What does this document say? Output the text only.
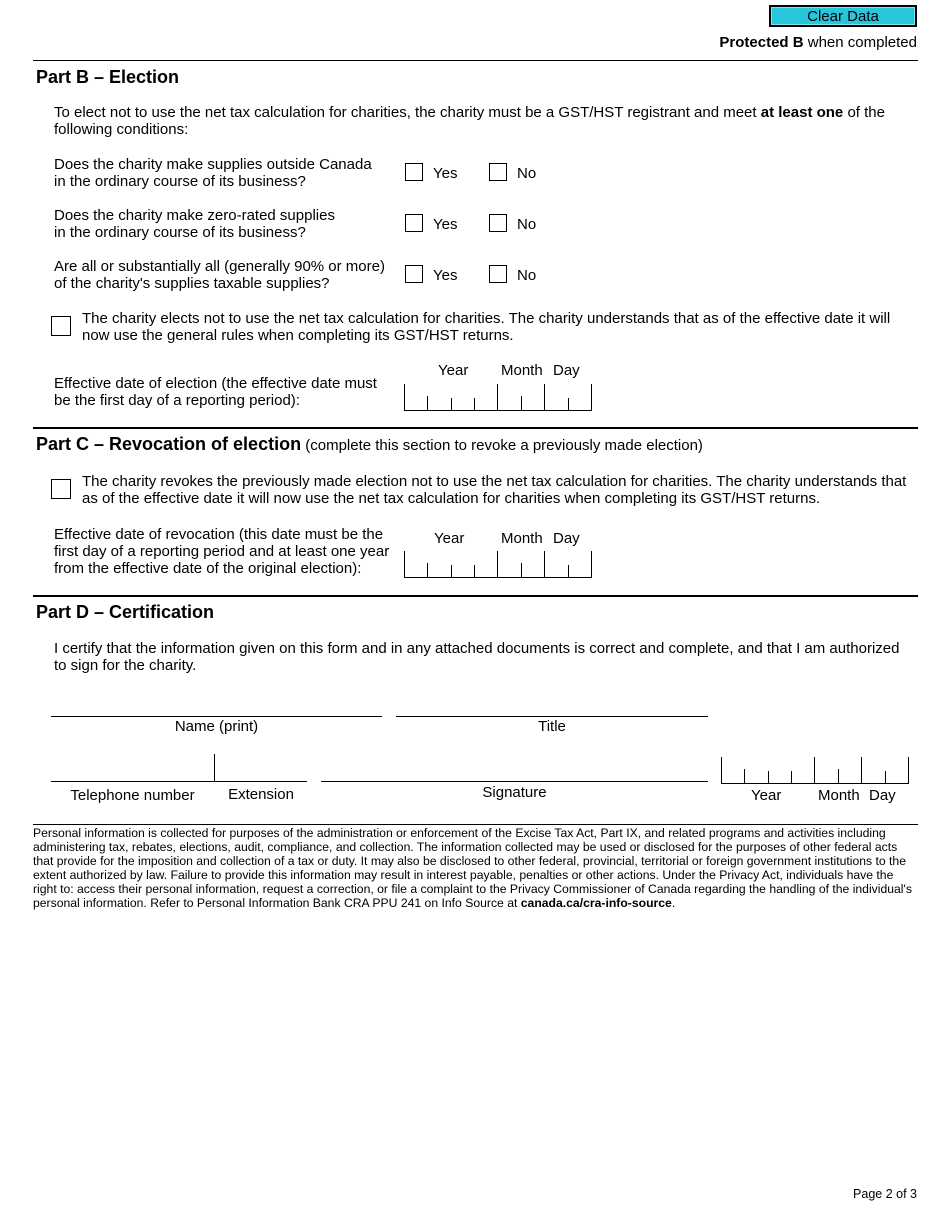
Clear Data
Protected B when completed
Part B – Election
To elect not to use the net tax calculation for charities, the charity must be a GST/HST registrant and meet at least one of the following conditions:
Does the charity make supplies outside Canada
in the ordinary course of its business?	Yes	No
Does the charity make zero-rated supplies
in the ordinary course of its business?	Yes	No
Are all or substantially all (generally 90% or more)
of the charity's supplies taxable supplies?	Yes	No
The charity elects not to use the net tax calculation for charities. The charity understands that as of the effective date it will now use the general rules when completing its GST/HST returns.
Effective date of election (the effective date must
be the first day of a reporting period):
Year Month Day
Part C – Revocation of election (complete this section to revoke a previously made election)
The charity revokes the previously made election not to use the net tax calculation for charities. The charity understands that as of the effective date it will now use the net tax calculation for charities when completing its GST/HST returns.
Effective date of revocation (this date must be the
first day of a reporting period and at least one year
from the effective date of the original election):
Year Month Day
Part D – Certification
I certify that the information given on this form and in any attached documents is correct and complete, and that I am authorized to sign for the charity.
Name (print)	Title
Telephone number	Extension	Signature	Year Month Day
Personal information is collected for purposes of the administration or enforcement of the Excise Tax Act, Part IX, and related programs and activities including administering tax, rebates, elections, audit, compliance, and collection. The information collected may be used or disclosed for the purposes of other federal acts that provide for the imposition and collection of a tax or duty. It may also be disclosed to other federal, provincial, territorial or foreign government institutions to the extent authorized by law. Failure to provide this information may result in interest payable, penalties or other actions. Under the Privacy Act, individuals have the right to: access their personal information, request a correction, or file a complaint to the Privacy Commissioner of Canada regarding the handling of the individual's personal information. Refer to Personal Information Bank CRA PPU 241 on Info Source at canada.ca/cra-info-source.
Page 2 of 3
